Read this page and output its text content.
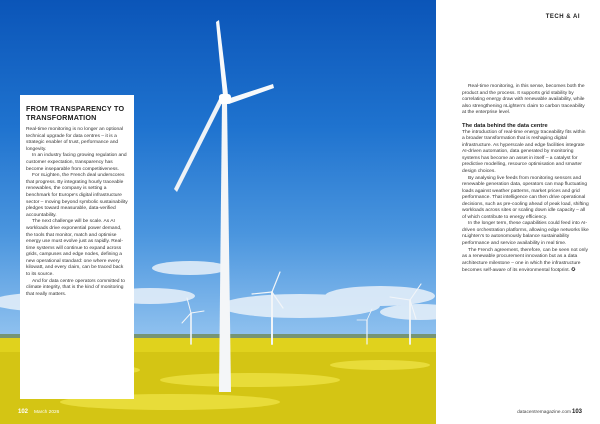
FROM TRANSPARENCY TO TRANSFORMATION

Real-time monitoring is no longer an optional technical upgrade for data centres – it is a strategic enabler of trust, performance and longevity.

In an industry facing growing regulation and customer expectation, transparency has become inseparable from competitiveness.

For nLighten, the French deal underscores that progress. By integrating hourly traceable renewables, the company is setting a benchmark for Europe's digital infrastructure sector – moving beyond symbolic sustainability pledges toward measurable, data-verified accountability.

The next challenge will be scale. As AI workloads drive exponential power demand, the tools that monitor, match and optimise energy use must evolve just as rapidly. Real-time systems will continue to expand across grids, campuses and edge nodes, defining a new operational standard: one where every kilowatt, and every claim, can be traced back to its source.

And for data centre operators committed to climate integrity, that is the kind of monitoring that really matters.

102 March 2026
TECH & AI

Real-time monitoring, in this sense, becomes both the product and the process. It supports grid stability by correlating energy draw with renewable availability, while also strengthening nLighten's claim to carbon traceability at the enterprise level.

The data behind the data centre

The introduction of real-time energy traceability fits within a broader transformation that is reshaping digital infrastructure. As hyperscale and edge facilities integrate AI-driven automation, data generated by monitoring systems has become an asset in itself – a catalyst for predictive modelling, resource optimisation and smarter design choices.

By analysing live feeds from monitoring sensors and renewable generation data, operators can map fluctuating loads against weather patterns, market prices and grid performance. That intelligence can then drive operational decisions, such as pre-cooling ahead of peak load, shifting workloads across sites or scaling down idle capacity – all of which contribute to energy efficiency.

In the longer term, these capabilities could feed into AI-driven orchestration platforms, allowing edge networks like nLighten's to autonomously balance sustainability performance and service availability in real time.

The French agreement, therefore, can be seen not only as a renewable procurement innovation but as a data architecture milestone – one in which the infrastructure becomes self-aware of its environmental footprint. ✪

datacentremagazine.com 103
